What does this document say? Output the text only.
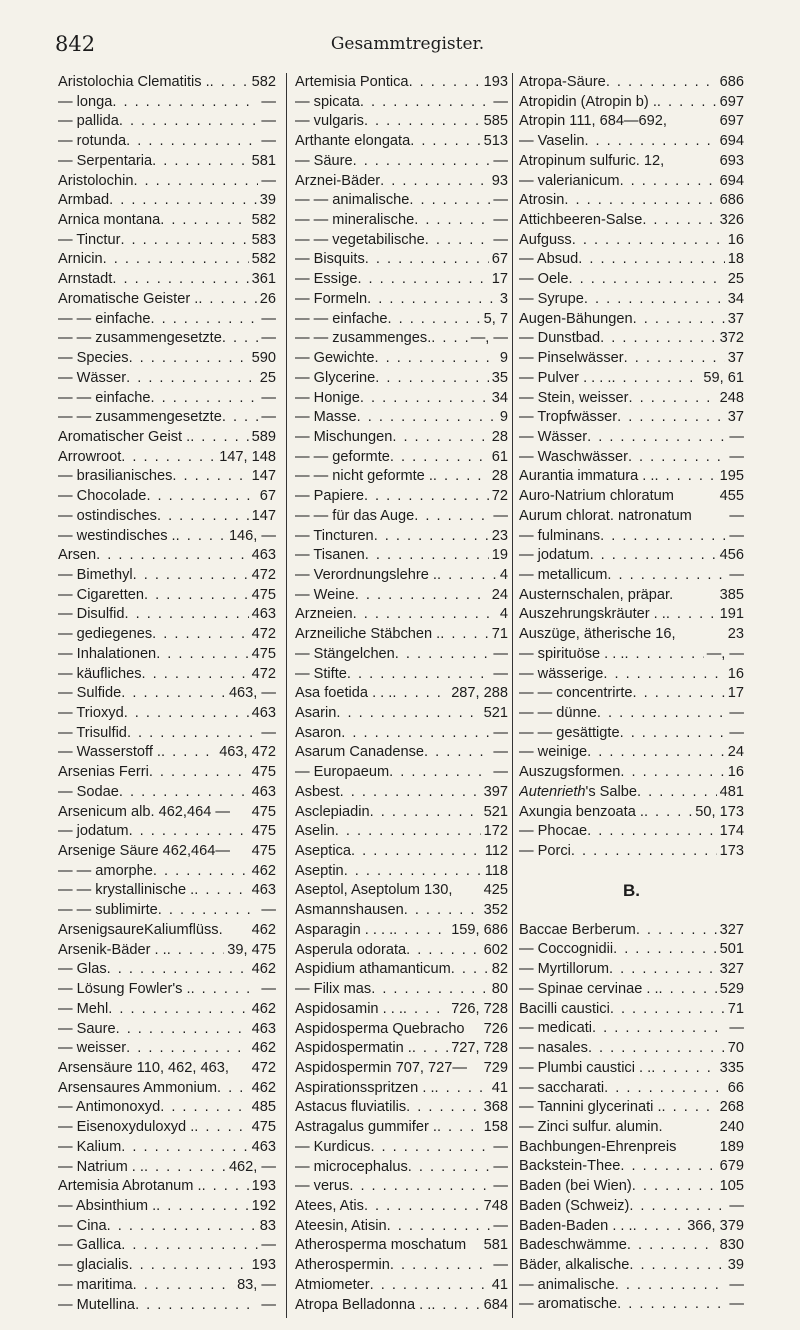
842	Gesammtregister.
Aristolochia Clematitis . . . .	582
— longa . . .	—
— pallida . . .	—
— rotunda . . .	—
— Serpentaria . . .	581
Aristolochin . . .	—
Armbad . . .	39
Arnica montana . . .	582
— Tinctur . . .	583
Arnicin . . .	582
Arnstadt . . .	361
Aromatische Geister . . . .	26
— — einfache . . .	—
— — zusammengesetzte . . .	—
— Species . . .	590
— Wässer . . .	25
— — einfache . . .	—
— — zusammengesetzte . . .	—
Aromatischer Geist . . . .	589
Arrowroot . . .	147, 148
— brasilianisches . . .	147
— Chocolade . . .	67
— ostindisches . . .	147
— westindisches . . . .	146, —
Arsen . . .	463
— Bimethyl . . .	472
— Cigaretten . . .	475
— Disulfid . . .	463
— gediegenes . . .	472
— Inhalationen . . .	475
— käufliches . . .	472
— Sulfide . . .	463, —
— Trioxyd . . .	463
— Trisulfid . . .	—
— Wasserstoff . . . .	463, 472
Arsenias Ferri . . .	475
— Sodae . . .	463
Arsenicum alb. 462,464 — 475
— jodatum . . .	475
Arsenige Säure 462,464— 475
— — amorphe . . .	462
— — krystallinische . . . .	463
— — sublimirte . . .	—
ArsenigsaureKaliumflüss. 462
Arsenik-Bäder . . . . .	39, 475
— Glas . . .	462
— Lösung Fowler's . . . .	—
— Mehl . . .	462
— Saure . . .	463
— weisser . . .	462
Arsensäure 110, 462, 463, 472
Arsensaures Ammonium . . . 462
— Antimonoxyd . . .	485
— Eisenoxyduloxyd . . . .	475
— Kalium . . .	463
— Natrium . . . . .	462, —
Artemisia Abrotanum . . . .	193
— Absinthium . . . .	192
— Cina . . .	83
— Gallica . . .	—
— glacialis . . .	193
— maritima . . .	83, —
— Mutellina . . .	—
Artemisia Pontica . . .	193
— spicata . . .	—
— vulgaris . . .	585
Arthante elongata . . .	513
— Säure . . .	—
Arznei-Bäder . . .	93
— — animalische . . .	—
— — mineralische . . .	—
— — vegetabilische . . .	—
— Bisquits . . .	67
— Essige . . .	17
— Formeln . . .	3
— — einfache . . .	5, 7
— — zusammenges. . . .	—, —
— Gewichte . . .	9
— Glycerine . . .	35
— Honige . . .	34
— Masse . . .	9
— Mischungen . . .	28
— — geformte . . .	61
— — nicht geformte . . . .	28
— Papiere . . .	72
— — für das Auge . . .	—
— Tincturen . . .	23
— Tisanen . . .	19
— Verordnungslehre . . . .	4
— Weine . . .	24
Arzneien . . .	4
Arzneiliche Stäbchen . . . .	71
— Stängelchen . . .	—
— Stifte . . .	—
Asa foetida . . . . . .	287, 288
Asarin . . .	521
Asaron . . .	—
Asarum Canadense . . .	—
— Europaeum . . .	—
Asbest . . .	397
Asclepiadin . . .	521
Aselin . . .	172
Aseptica . . .	112
Aseptin . . .	118
Aseptol, Aseptolum 130, 425
Asmannshausen . . .	352
Asparagin . . . . . . .	159, 686
Asperula odorata . . .	602
Aspidium athamanticum . . .	82
— Filix mas . . .	80
Aspidosamin . . . . . .	726, 728
Aspidosperma Quebracho 726
Aspidospermatin . . . .	727, 728
Aspidospermin 707, 727— 729
Aspirationsspritzen . . . . .	41
Astacus fluviatilis . . .	368
Astragalus gummifer . . . .	158
— Kurdicus . . .	—
— microcephalus . . .	—
— verus . . .	—
Atees, Atis . . .	748
Ateesin, Atisin . . .	—
Atherosperma moschatum 581
Atherospermin . . .	—
Atmiometer . . .	41
Atropa Belladonna . . . . .	684
Atropa-Säure . . .	686
Atropidin (Atropin b) . . . .	697
Atropin 111, 684—692,	697
— Vaselin . . .	694
Atropinum sulfuric. 12,	693
— valerianicum . . .	694
Atrosin . . .	686
Attichbeeren-Salse . . .	326
Aufguss . . .	16
— Absud . . .	18
— Oele . . .	25
— Syrupe . . .	34
Augen-Bähungen . . .	37
— Dunstbad . . .	372
— Pinselwässer . . .	37
— Pulver . . . . . . .	59, 61
— Stein, weisser . . .	248
— Tropfwässer . . .	37
— Wässer . . .	—
— Waschwässer . . .	—
Aurantia immatura . . . . .	195
Auro-Natrium chloratum	455
Aurum chlorat. natronatum	—
— fulminans . . .	—
— jodatum . . .	456
— metallicum . . .	—
Austernschalen, präpar.	385
Auszehrungskräuter . . . . .	191
Auszüge, ätherische 16,	23
— spirituöse . . . . . .	—, —
— wässerige . . .	16
— — concentrirte . . .	17
— — dünne . . .	—
— — gesättigte . . .	—
— weinige . . .	24
Auszugsformen . . .	16
Autenrieth's Salbe . . .	481
Axungia benzoata . . . .	50, 173
— Phocae . . .	174
— Porci . . .	173
B.
Baccae Berberum . . .	327
— Coccognidii . . .	501
— Myrtillorum . . .	327
— Spinae cervinae . . . . .	529
Bacilli caustici . . .	71
— medicati . . .	—
— nasales . . .	70
— Plumbi caustici . . . . .	335
— saccharati . . .	66
— Tannini glycerinati . . . .	268
— Zinci sulfur. alumin.	240
Bachbungen-Ehrenpreis	189
Backstein-Thee . . .	679
Baden (bei Wien) . . .	105
Baden (Schweiz) . . .	—
Baden-Baden . . . . . .	366, 379
Badeschwämme . . .	830
Bäder, alkalische . . .	39
— animalische . . .	—
— aromatische . . .	—
